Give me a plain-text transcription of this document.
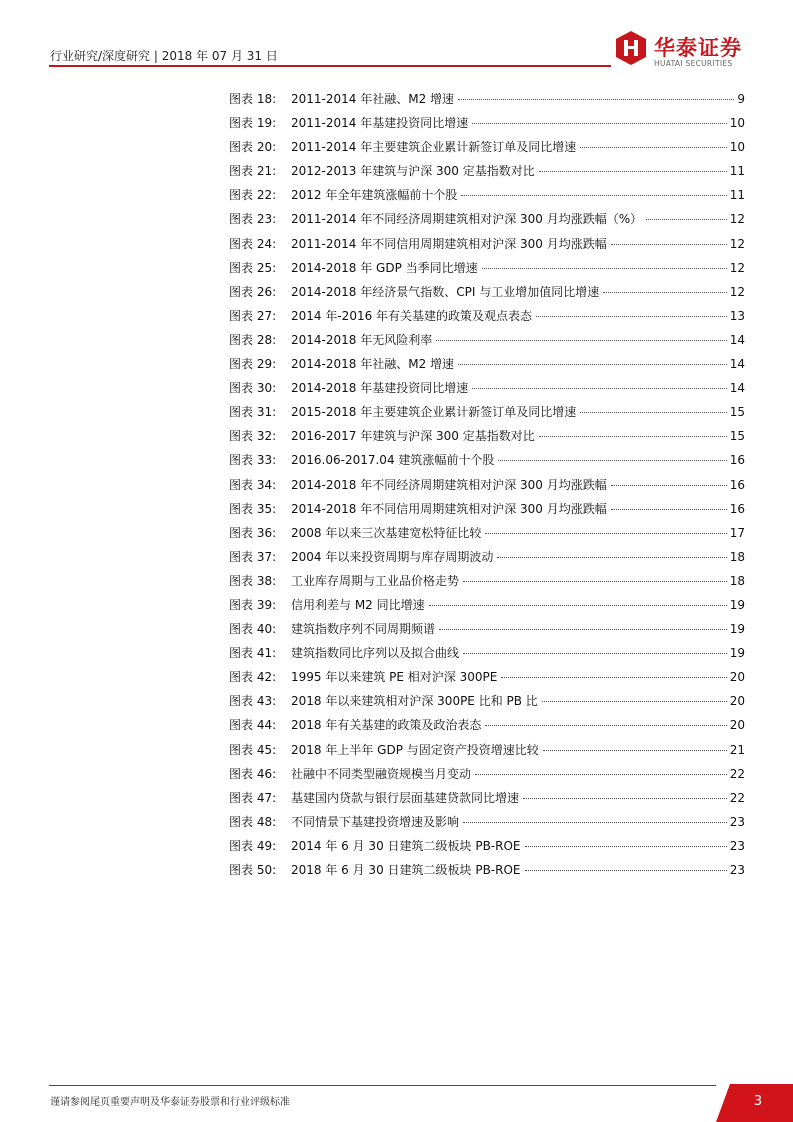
行业研究/深度研究 | 2018 年 07 月 31 日	华泰证券
HUATAI SECURITIES
图表 18:	2011-2014 年社融、M2 增速	9
图表 19:	2011-2014 年基建投资同比增速	10
图表 20:	2011-2014 年主要建筑企业累计新签订单及同比增速	10
图表 21:	2012-2013 年建筑与沪深 300 定基指数对比	11
图表 22:	2012 年全年建筑涨幅前十个股	11
图表 23:	2011-2014 年不同经济周期建筑相对沪深 300 月均涨跌幅（%）	12
图表 24:	2011-2014 年不同信用周期建筑相对沪深 300 月均涨跌幅	12
图表 25:	2014-2018 年 GDP 当季同比增速	12
图表 26:	2014-2018 年经济景气指数、CPI 与工业增加值同比增速	12
图表 27:	2014 年-2016 年有关基建的政策及观点表态	13
图表 28:	2014-2018 年无风险利率	14
图表 29:	2014-2018 年社融、M2 增速	14
图表 30:	2014-2018 年基建投资同比增速	14
图表 31:	2015-2018 年主要建筑企业累计新签订单及同比增速	15
图表 32:	2016-2017 年建筑与沪深 300 定基指数对比	15
图表 33:	2016.06-2017.04 建筑涨幅前十个股	16
图表 34:	2014-2018 年不同经济周期建筑相对沪深 300 月均涨跌幅	16
图表 35:	2014-2018 年不同信用周期建筑相对沪深 300 月均涨跌幅	16
图表 36:	2008 年以来三次基建宽松特征比较	17
图表 37:	2004 年以来投资周期与库存周期波动	18
图表 38:	工业库存周期与工业品价格走势	18
图表 39:	信用利差与 M2 同比增速	19
图表 40:	建筑指数序列不同周期频谱	19
图表 41:	建筑指数同比序列以及拟合曲线	19
图表 42:	1995 年以来建筑 PE 相对沪深 300PE	20
图表 43:	2018 年以来建筑相对沪深 300PE 比和 PB 比	20
图表 44:	2018 年有关基建的政策及政治表态	20
图表 45:	2018 年上半年 GDP 与固定资产投资增速比较	21
图表 46:	社融中不同类型融资规模当月变动	22
图表 47:	基建国内贷款与银行层面基建贷款同比增速	22
图表 48:	不同情景下基建投资增速及影响	23
图表 49:	2014 年 6 月 30 日建筑二级板块 PB-ROE	23
图表 50:	2018 年 6 月 30 日建筑二级板块 PB-ROE	23
谨请参阅尾页重要声明及华泰证券股票和行业评级标准	3
